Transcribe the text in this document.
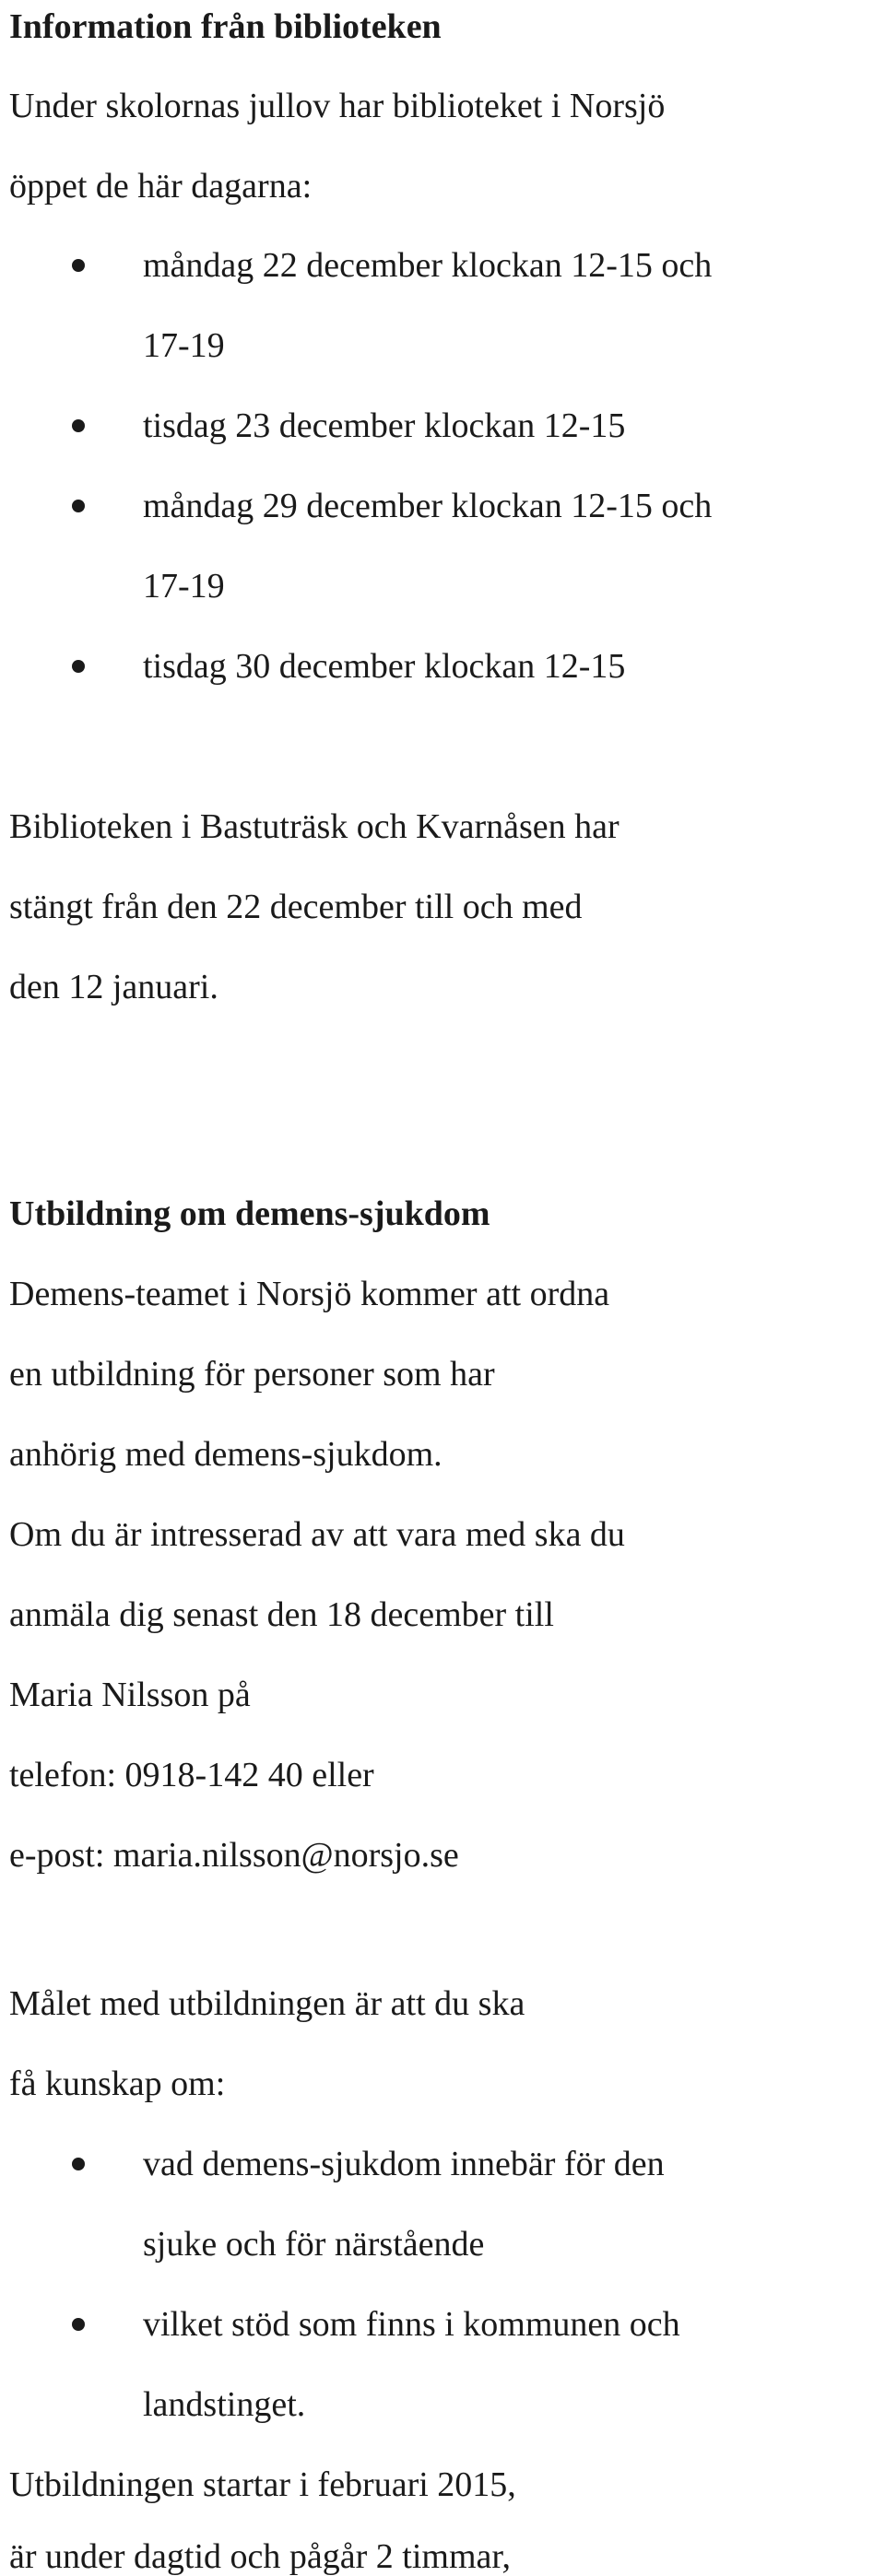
Information från biblioteken

Under skolornas jullov har biblioteket i Norsjö

öppet de här dagarna:

måndag 22 december klockan 12-15 och

17-19

tisdag 23 december klockan 12-15

måndag 29 december klockan 12-15 och

17-19

tisdag 30 december klockan 12-15

Biblioteken i Bastuträsk och Kvarnåsen har

stängt från den 22 december till och med

den 12 januari.

Utbildning om demens-sjukdom

Demens-teamet i Norsjö kommer att ordna

en utbildning för personer som har

anhörig med demens-sjukdom.

Om du är intresserad av att vara med ska du

anmäla dig senast den 18 december till

Maria Nilsson på

telefon: 0918-142 40 eller

e-post: maria.nilsson@norsjo.se

Målet med utbildningen är att du ska

få kunskap om:

vad demens-sjukdom innebär för den

sjuke och för närstående

vilket stöd som finns i kommunen och

landstinget.

Utbildningen startar i februari 2015,

är under dagtid och pågår 2 timmar,
